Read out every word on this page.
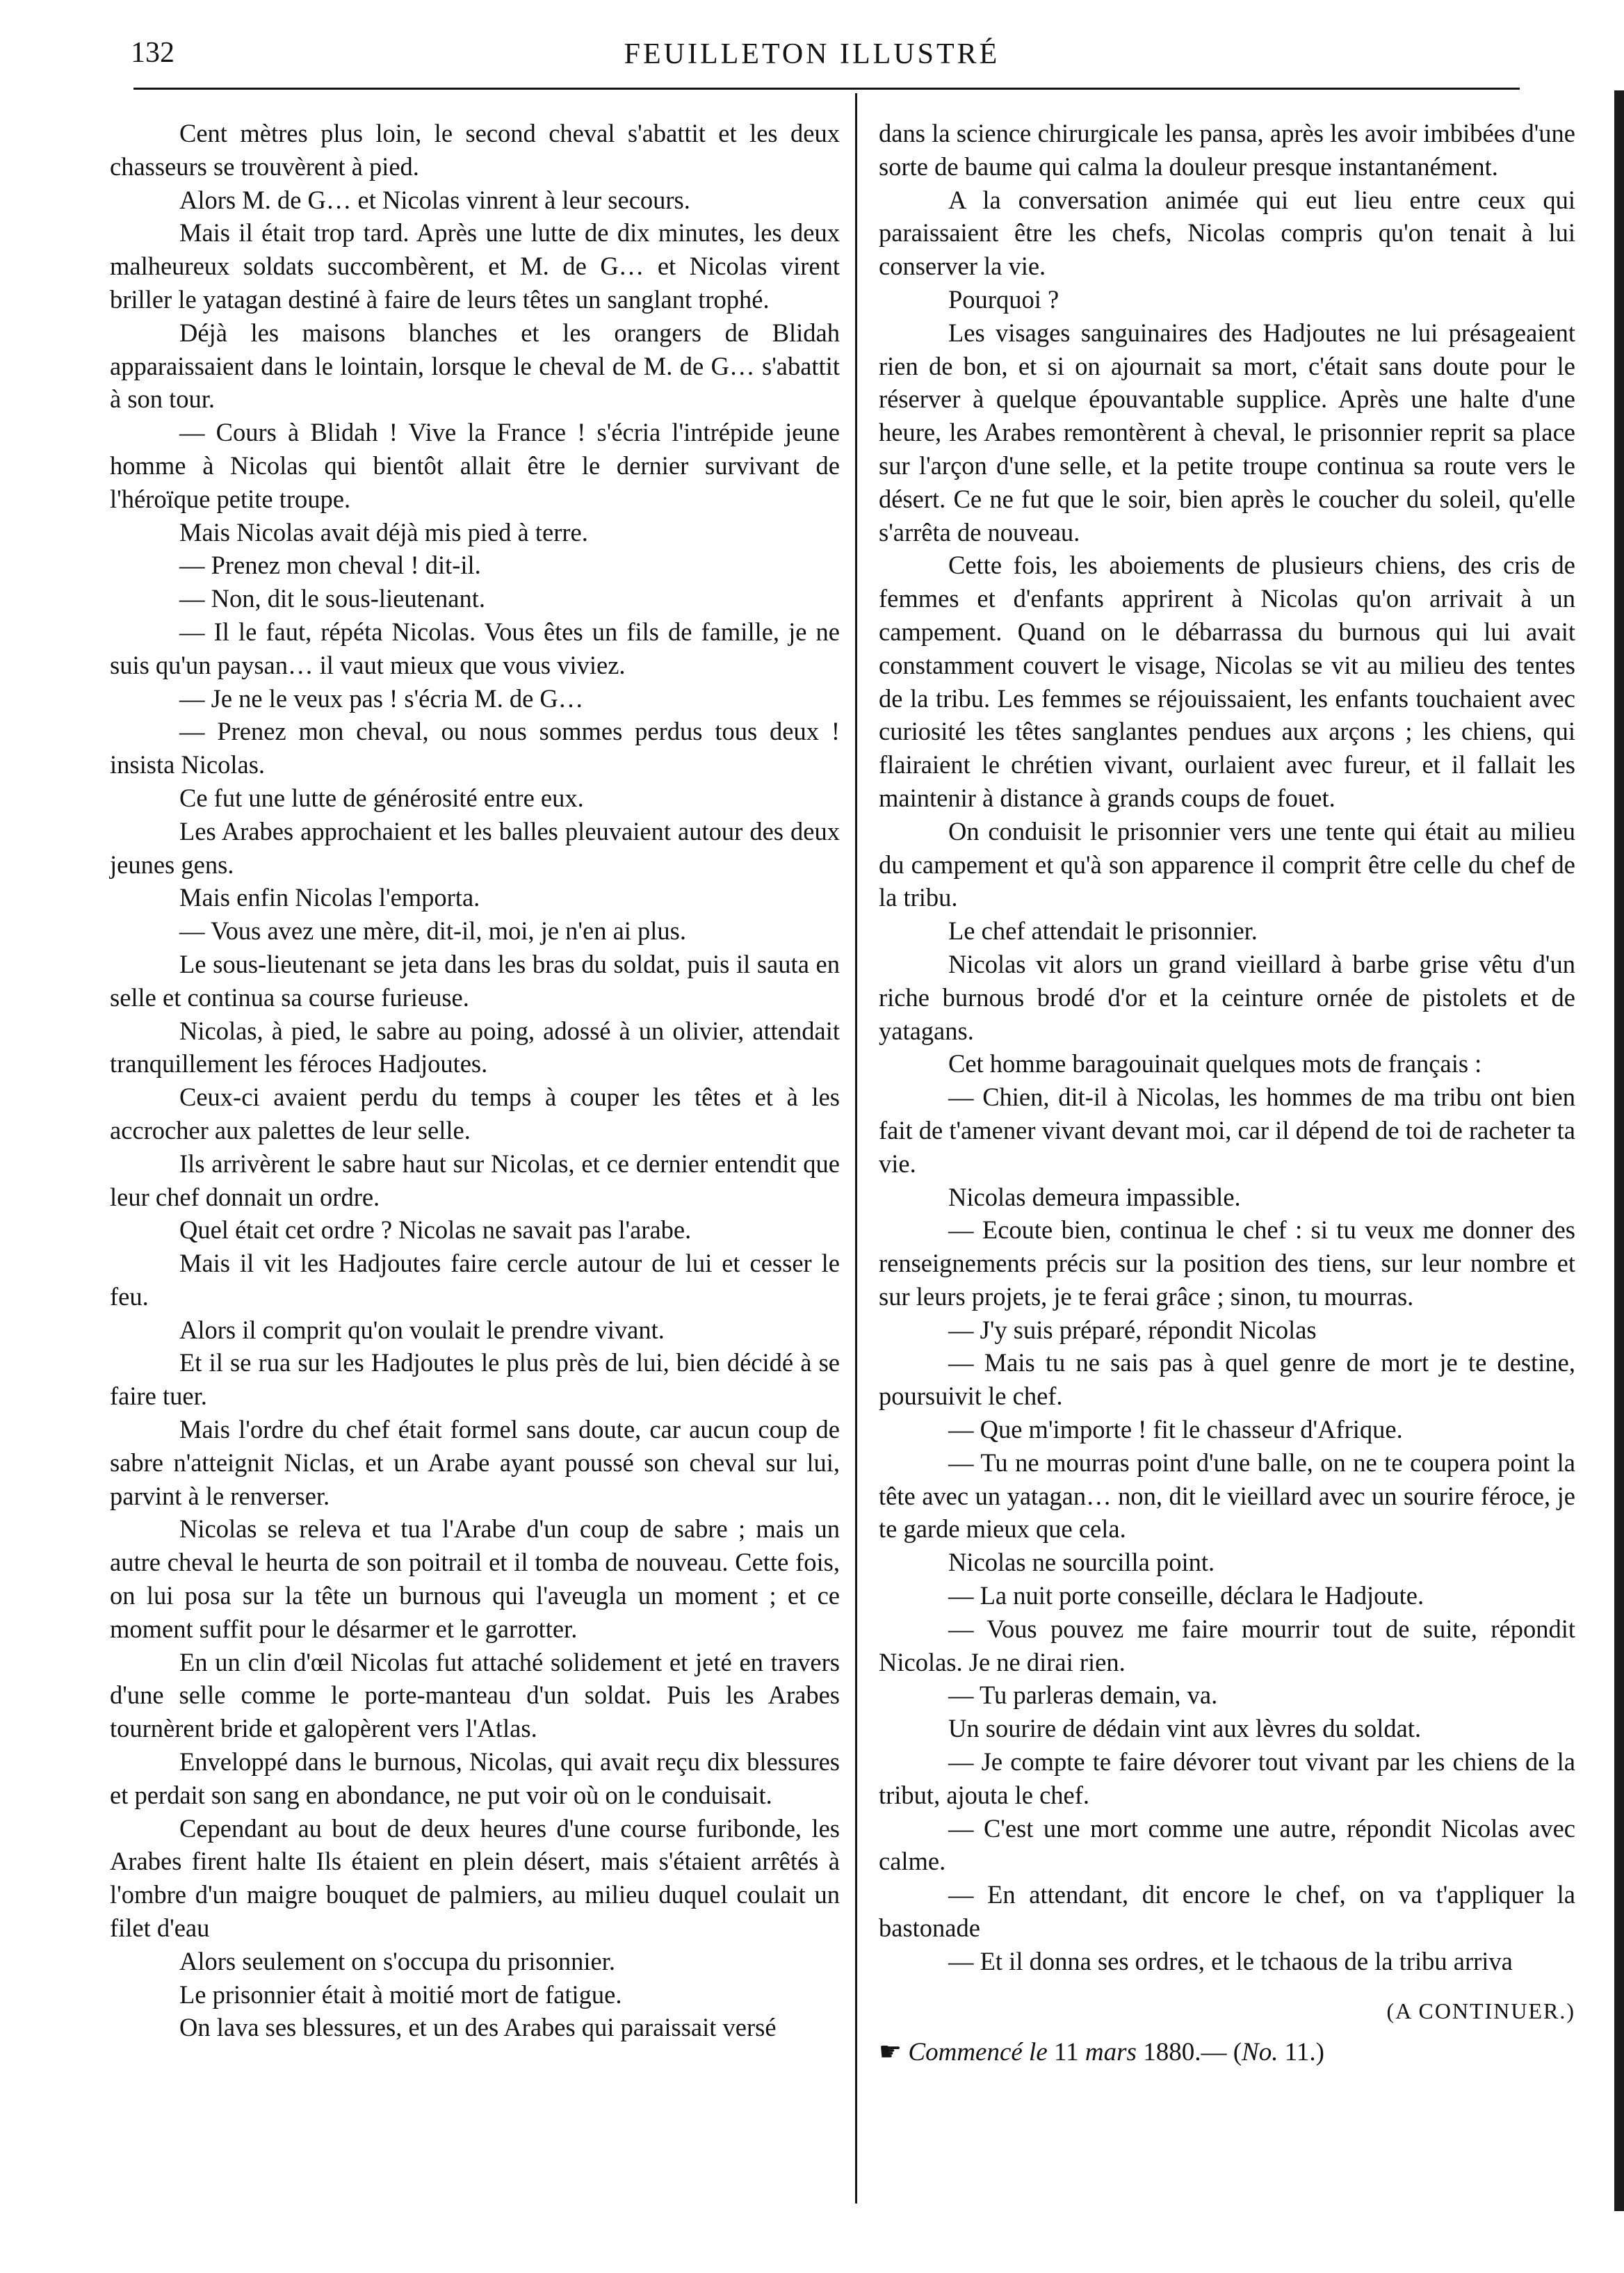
132	FEUILLETON ILLUSTRÉ

Cent mètres plus loin, le second cheval s'abattit et les deux chasseurs se trouvèrent à pied.

Alors M. de G… et Nicolas vinrent à leur secours.

Mais il était trop tard. Après une lutte de dix minutes, les deux malheureux soldats succombèrent, et M. de G… et Nicolas virent briller le yatagan destiné à faire de leurs têtes un sanglant trophé.

Déjà les maisons blanches et les orangers de Blidah apparaissaient dans le lointain, lorsque le cheval de M. de G… s'abattit à son tour.

— Cours à Blidah ! Vive la France ! s'écria l'intrépide jeune homme à Nicolas qui bientôt allait être le dernier survivant de l'héroïque petite troupe.

Mais Nicolas avait déjà mis pied à terre.

— Prenez mon cheval ! dit-il.

— Non, dit le sous-lieutenant.

— Il le faut, répéta Nicolas. Vous êtes un fils de famille, je ne suis qu'un paysan… il vaut mieux que vous viviez.

— Je ne le veux pas ! s'écria M. de G…

— Prenez mon cheval, ou nous sommes perdus tous deux ! insista Nicolas.

Ce fut une lutte de générosité entre eux.

Les Arabes approchaient et les balles pleuvaient autour des deux jeunes gens.

Mais enfin Nicolas l'emporta.

— Vous avez une mère, dit-il, moi, je n'en ai plus.

Le sous-lieutenant se jeta dans les bras du soldat, puis il sauta en selle et continua sa course furieuse.

Nicolas, à pied, le sabre au poing, adossé à un olivier, attendait tranquillement les féroces Hadjoutes.

Ceux-ci avaient perdu du temps à couper les têtes et à les accrocher aux palettes de leur selle.

Ils arrivèrent le sabre haut sur Nicolas, et ce dernier entendit que leur chef donnait un ordre.

Quel était cet ordre ? Nicolas ne savait pas l'arabe.

Mais il vit les Hadjoutes faire cercle autour de lui et cesser le feu.

Alors il comprit qu'on voulait le prendre vivant.

Et il se rua sur les Hadjoutes le plus près de lui, bien décidé à se faire tuer.

Mais l'ordre du chef était formel sans doute, car aucun coup de sabre n'atteignit Niclas, et un Arabe ayant poussé son cheval sur lui, parvint à le renverser.

Nicolas se releva et tua l'Arabe d'un coup de sabre ; mais un autre cheval le heurta de son poitrail et il tomba de nouveau. Cette fois, on lui posa sur la tête un burnous qui l'aveugla un moment ; et ce moment suffit pour le désarmer et le garrotter.

En un clin d'œil Nicolas fut attaché solidement et jeté en travers d'une selle comme le porte-manteau d'un soldat. Puis les Arabes tournèrent bride et galopèrent vers l'Atlas.

Enveloppé dans le burnous, Nicolas, qui avait reçu dix blessures et perdait son sang en abondance, ne put voir où on le conduisait.

Cependant au bout de deux heures d'une course furibonde, les Arabes firent halte Ils étaient en plein désert, mais s'étaient arrêtés à l'ombre d'un maigre bouquet de palmiers, au milieu duquel coulait un filet d'eau

Alors seulement on s'occupa du prisonnier.

Le prisonnier était à moitié mort de fatigue.

On lava ses blessures, et un des Arabes qui paraissait versé

dans la science chirurgicale les pansa, après les avoir imbibées d'une sorte de baume qui calma la douleur presque instantanément.

A la conversation animée qui eut lieu entre ceux qui paraissaient être les chefs, Nicolas compris qu'on tenait à lui conserver la vie.

Pourquoi ?

Les visages sanguinaires des Hadjoutes ne lui présageaient rien de bon, et si on ajournait sa mort, c'était sans doute pour le réserver à quelque épouvantable supplice. Après une halte d'une heure, les Arabes remontèrent à cheval, le prisonnier reprit sa place sur l'arçon d'une selle, et la petite troupe continua sa route vers le désert. Ce ne fut que le soir, bien après le coucher du soleil, qu'elle s'arrêta de nouveau.

Cette fois, les aboiements de plusieurs chiens, des cris de femmes et d'enfants apprirent à Nicolas qu'on arrivait à un campement. Quand on le débarrassa du burnous qui lui avait constamment couvert le visage, Nicolas se vit au milieu des tentes de la tribu. Les femmes se réjouissaient, les enfants touchaient avec curiosité les têtes sanglantes pendues aux arçons ; les chiens, qui flairaient le chrétien vivant, ourlaient avec fureur, et il fallait les maintenir à distance à grands coups de fouet.

On conduisit le prisonnier vers une tente qui était au milieu du campement et qu'à son apparence il comprit être celle du chef de la tribu.

Le chef attendait le prisonnier.

Nicolas vit alors un grand vieillard à barbe grise vêtu d'un riche burnous brodé d'or et la ceinture ornée de pistolets et de yatagans.

Cet homme baragouinait quelques mots de français :

— Chien, dit-il à Nicolas, les hommes de ma tribu ont bien fait de t'amener vivant devant moi, car il dépend de toi de racheter ta vie.

Nicolas demeura impassible.

— Ecoute bien, continua le chef : si tu veux me donner des renseignements précis sur la position des tiens, sur leur nombre et sur leurs projets, je te ferai grâce ; sinon, tu mourras.

— J'y suis préparé, répondit Nicolas

— Mais tu ne sais pas à quel genre de mort je te destine, poursuivit le chef.

— Que m'importe ! fit le chasseur d'Afrique.

— Tu ne mourras point d'une balle, on ne te coupera point la tête avec un yatagan… non, dit le vieillard avec un sourire féroce, je te garde mieux que cela.

Nicolas ne sourcilla point.

— La nuit porte conseille, déclara le Hadjoute.

— Vous pouvez me faire mourrir tout de suite, répondit Nicolas. Je ne dirai rien.

— Tu parleras demain, va.

Un sourire de dédain vint aux lèvres du soldat.

— Je compte te faire dévorer tout vivant par les chiens de la tribut, ajouta le chef.

— C'est une mort comme une autre, répondit Nicolas avec calme.

— En attendant, dit encore le chef, on va t'appliquer la bastonade

— Et il donna ses ordres, et le tchaous de la tribu arriva

(A CONTINUER.)
☛ Commencé le 11 mars 1880.— (No. 11.)
